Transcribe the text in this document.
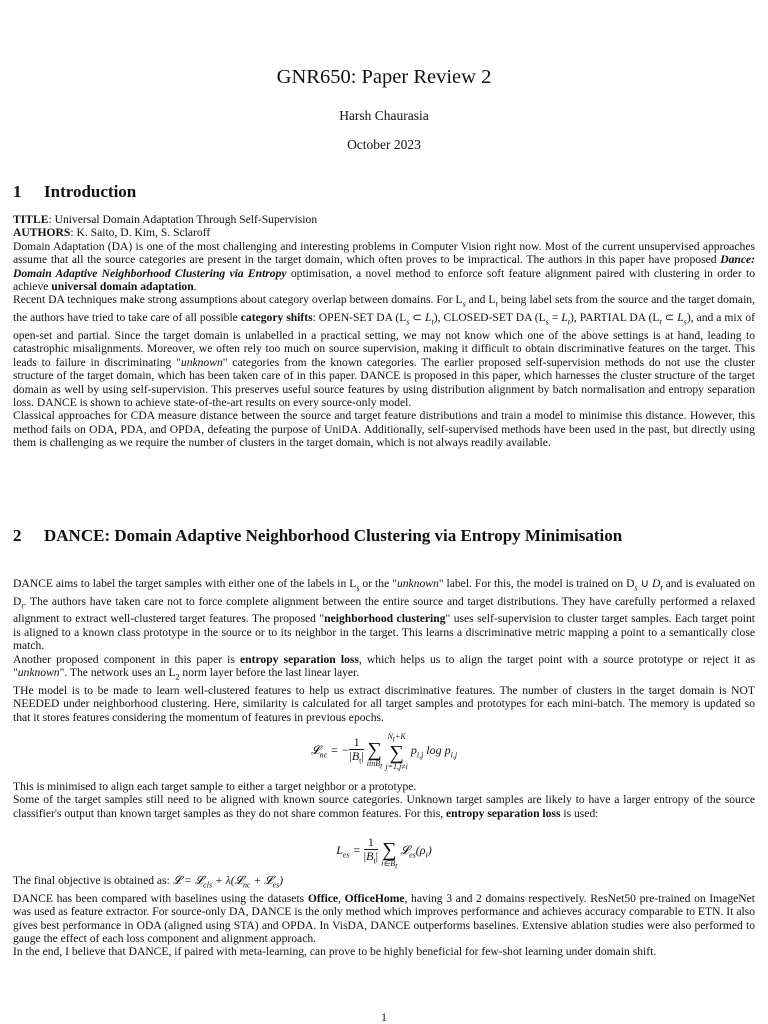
GNR650: Paper Review 2
Harsh Chaurasia
October 2023
1 Introduction

TITLE: Universal Domain Adaptation Through Self-Supervision

AUTHORS: K. Saito, D. Kim, S. Sclaroff

Domain Adaptation (DA) is one of the most challenging and interesting problems in Computer Vision right now. Most of the current unsupervised approaches assume that all the source categories are present in the target domain, which often proves to be impractical. The authors in this paper have proposed Dance: Domain Adaptive Neighborhood Clustering via Entropy optimisation, a novel method to enforce soft feature alignment paired with clustering in order to achieve universal domain adaptation.

Recent DA techniques make strong assumptions about category overlap between domains. For $L_s$ and $L_t$ being label sets from the source and the target domain, the authors have tried to take care of all possible category shifts: OPEN-SET DA ($L_s$ ⊂ $L_t$), CLOSED-SET DA $(L_s = L_t)$, PARTIAL DA ($L_t$ ⊂ $L_s$), and a mix of open-set and partial. Since the target domain is unlabelled in a practical setting, we may not know which one of the above settings is at hand, leading to catastrophic misalignments. Moreover, we often rely too much on source supervision, making it difficult to obtain discriminative features on the target. This leads to failure in discriminating "unknown" categories from the known categories. The earlier proposed self-supervision methods do not use the cluster structure of the target domain, which has been taken care of in this paper. DANCE is proposed in this paper, which harnesses the cluster structure of the target domain as well by using self-supervision. This preserves useful source features by using distribution alignment by batch normalisation and entropy separation loss. DANCE is shown to achieve state-of-the-art results on every source-only model.

Classical approaches for CDA measure distance between the source and target feature distributions and train a model to minimise this distance. However, this method fails on ODA, PDA, and OPDA, defeating the purpose of UniDA. Additionally, self-supervised methods have been used in the past, but directly using them is challenging as we require the number of clusters in the target domain, which is not always readily available.

2	DANCE: Domain Adaptive Neighborhood Clustering via Entropy Minimisation

DANCE aims to label the target samples with either one of the labels in $L_s$ or the "unknown" label. For this, the model is trained on $D_s$ ∪ $D_t$ and is evaluated on $D_t$. The authors have taken care not to force complete alignment between the entire source and target distributions. They have carefully performed a relaxed alignment to extract well-clustered target features. The proposed "neighborhood clustering" uses self-supervision to cluster target samples. Each target point is aligned to a known class prototype in the source or to its neighbor in the target. This learns a discriminative metric mapping a point to a semantically close match.

Another proposed component in this paper is entropy separation loss, which helps us to align the target point with a source prototype or reject it as "unknown". The network uses an $L_2$ norm layer before the last linear layer.

THe model is to be made to learn well-clustered features to help us extract discriminative features. The number of clusters in the target domain is NOT NEEDED under neighborhood clustering. Here, similarity is calculated for all target samples and prototypes for each mini-batch. The memory is updated so that it stores features considering the momentum of features in previous epochs.

𝓛$_{nc}$ = − $\frac{1}{|B_t|}$

∑
iinB$_t$

$N_t+K$
∑
j=1,j≠i
$p_{i,j}$ $\log p_{i,j}$

This is minimised to align each target sample to either a target neighbor or a prototype.

Some of the target samples still need to be aligned with known source categories. Unknown target samples are likely to have a larger entropy of the source classifier's output than known target samples as they do not share common features. For this, entropy separation loss is used:

$L_{es} = \frac{1}{|B_t|}$

∑
$i\in B_t$
$𝓛_{es}(\rho_i)$

The final objective is obtained as: 𝓛 = 𝓛$_{cls}$ + λ(𝓛$_{nc}$ + 𝓛$_{es}$)

DANCE has been compared with baselines using the datasets Office, OfficeHome, having 3 and 2 domains respectively. ResNet50 pre-trained on ImageNet was used as feature extractor. For source-only DA, DANCE is the only method which improves performance and achieves accuracy comparable to ETN. It also gives best performance in ODA (aligned using STA) and OPDA. In VisDA, DANCE outperforms baselines. Extensive ablation studies were also performed to gauge the effect of each loss component and alignment approach.

In the end, I believe that DANCE, if paired with meta-learning, can prove to be highly beneficial for few-shot learning under domain shift.

1
